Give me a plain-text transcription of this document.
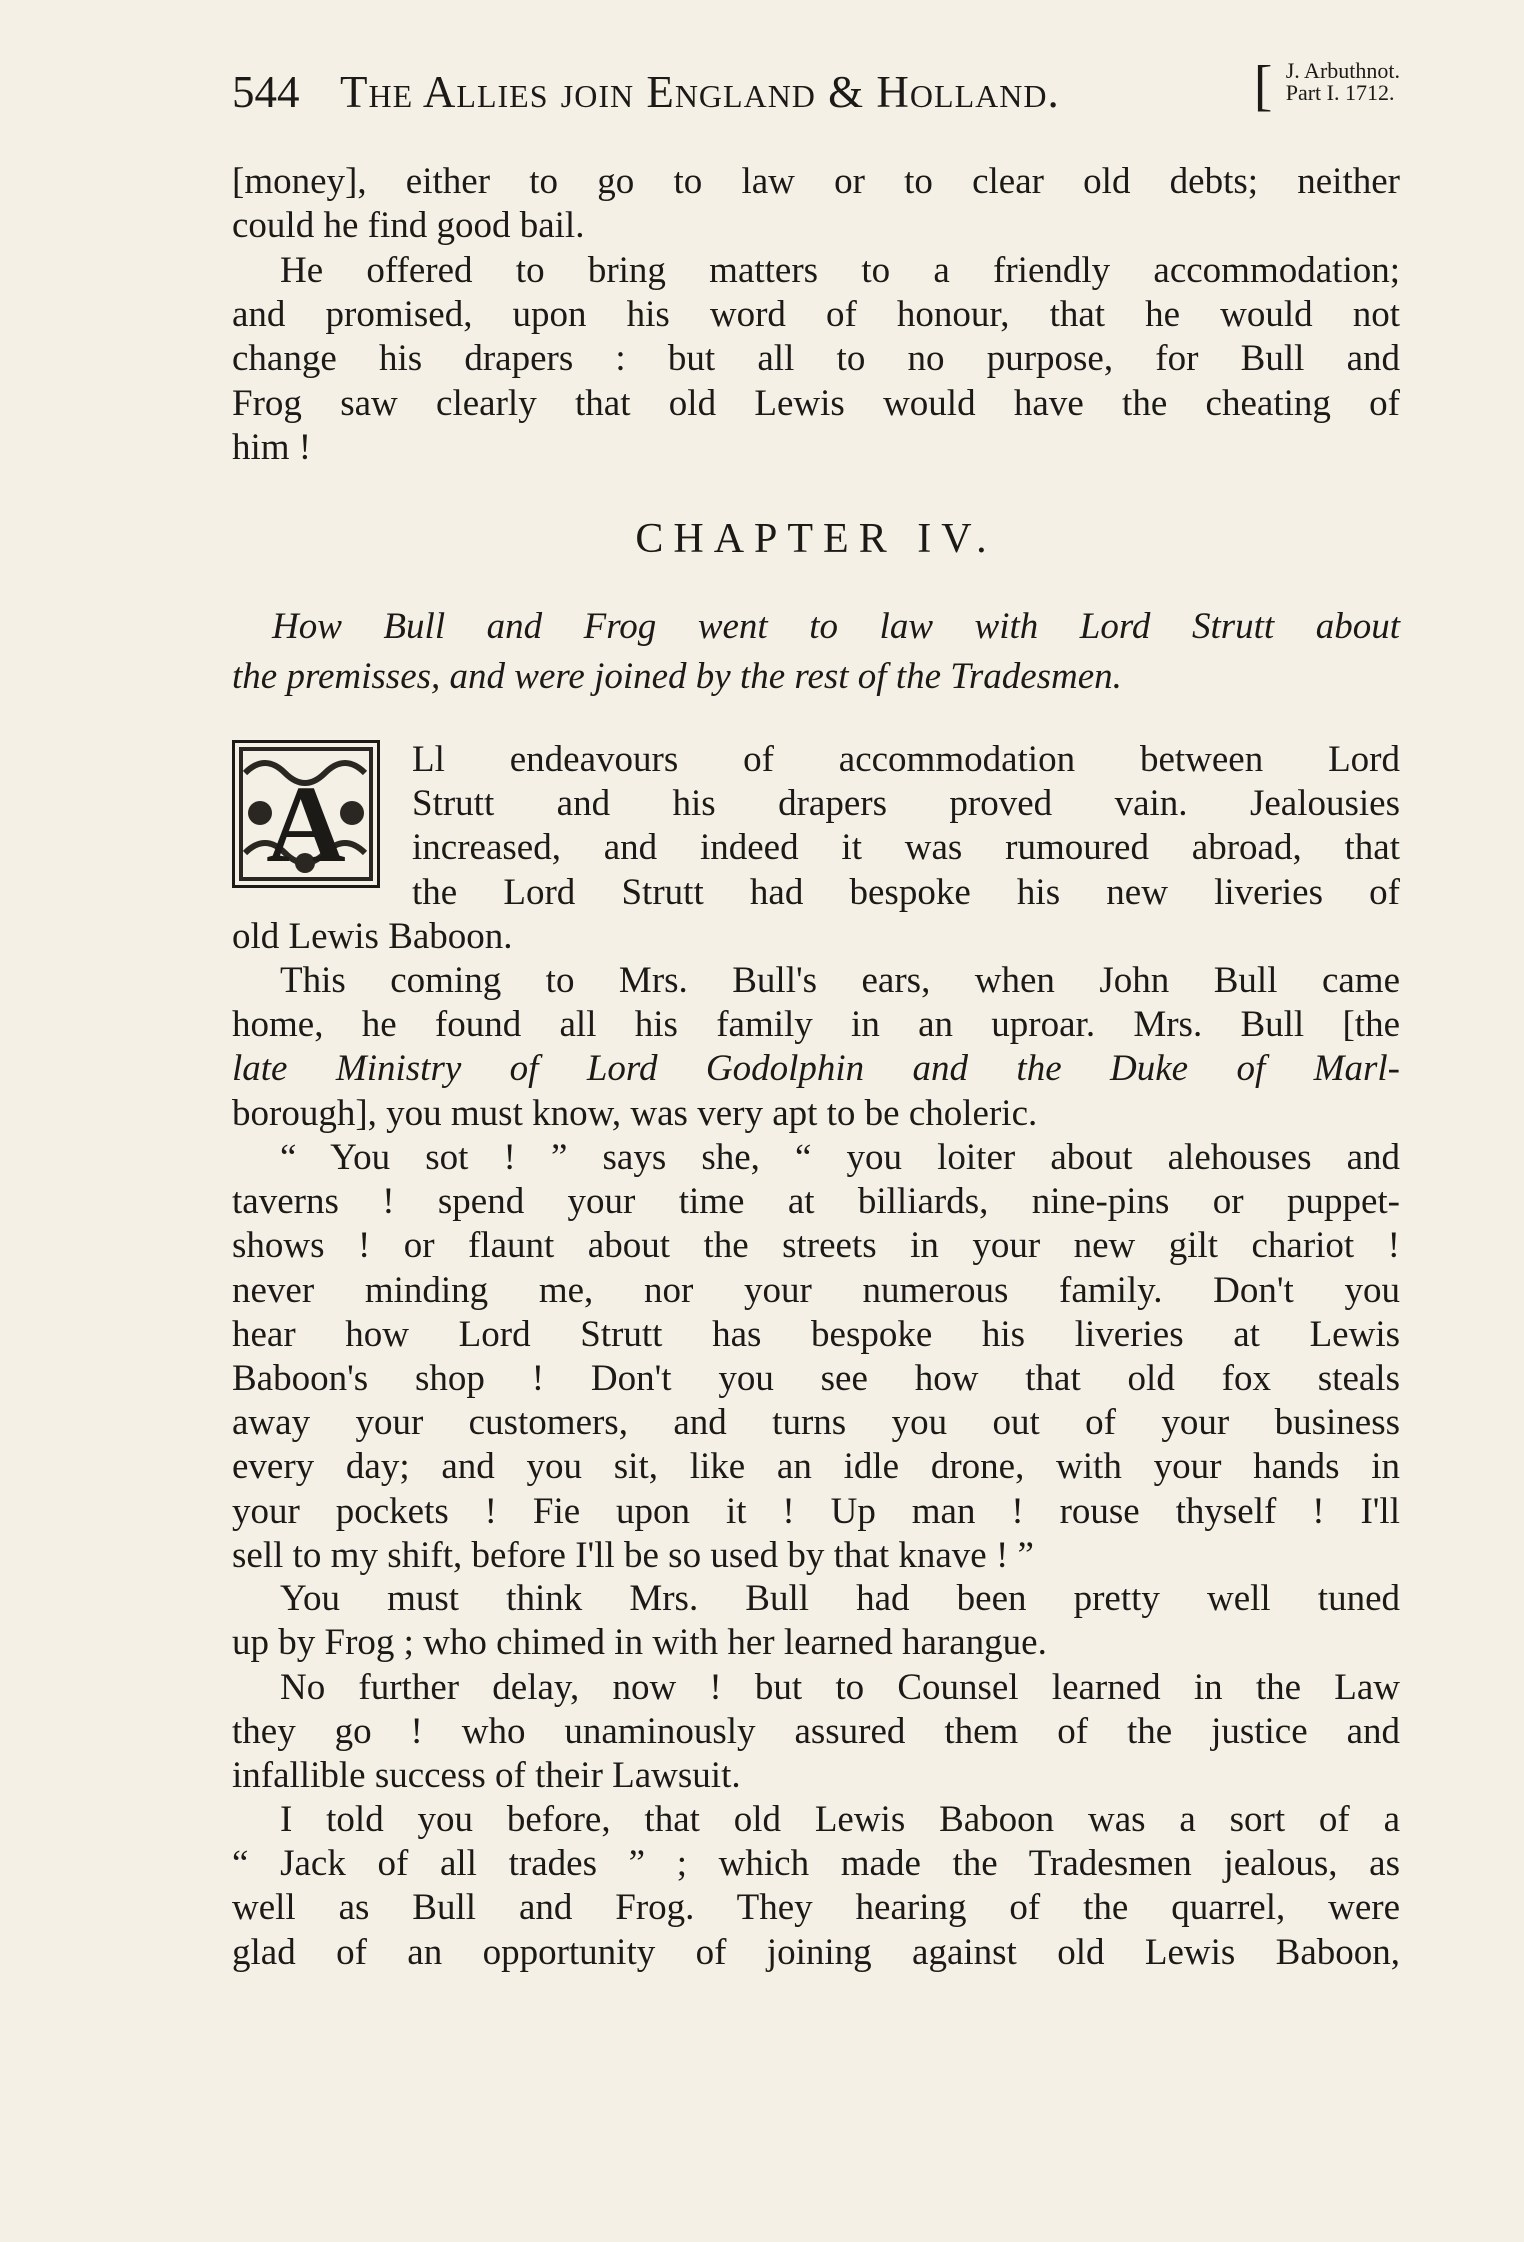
544 The Allies join England & Holland.	[ J. Arbuthnot.
Part I. 1712.

[money], either to go to law or to clear old debts; neither

could he find good bail.

He offered to bring matters to a friendly accommodation;

and promised, upon his word of honour, that he would not

change his drapers : but all to no purpose, for Bull and

Frog saw clearly that old Lewis would have the cheating of

him !

CHAPTER IV.

How Bull and Frog went to law with Lord Strutt about

the premisses, and were joined by the rest of the Tradesmen.

A

Ll endeavours of accommodation between Lord

Strutt and his drapers proved vain. Jealousies

increased, and indeed it was rumoured abroad, that

the Lord Strutt had bespoke his new liveries of

old Lewis Baboon.

This coming to Mrs. Bull's ears, when John Bull came

home, he found all his family in an uproar. Mrs. Bull [the

late Ministry of Lord Godolphin and the Duke of Marl-

borough], you must know, was very apt to be choleric.

“ You sot ! ” says she, “ you loiter about alehouses and

taverns ! spend your time at billiards, nine-pins or puppet-

shows ! or flaunt about the streets in your new gilt chariot !

never minding me, nor your numerous family. Don't you

hear how Lord Strutt has bespoke his liveries at Lewis

Baboon's shop ! Don't you see how that old fox steals

away your customers, and turns you out of your business

every day; and you sit, like an idle drone, with your hands in

your pockets ! Fie upon it ! Up man ! rouse thyself ! I'll

sell to my shift, before I'll be so used by that knave ! ”

You must think Mrs. Bull had been pretty well tuned

up by Frog ; who chimed in with her learned harangue.

No further delay, now ! but to Counsel learned in the Law

they go ! who unaminously assured them of the justice and

infallible success of their Lawsuit.

I told you before, that old Lewis Baboon was a sort of a

“ Jack of all trades ” ; which made the Tradesmen jealous, as

well as Bull and Frog. They hearing of the quarrel, were

glad of an opportunity of joining against old Lewis Baboon,
